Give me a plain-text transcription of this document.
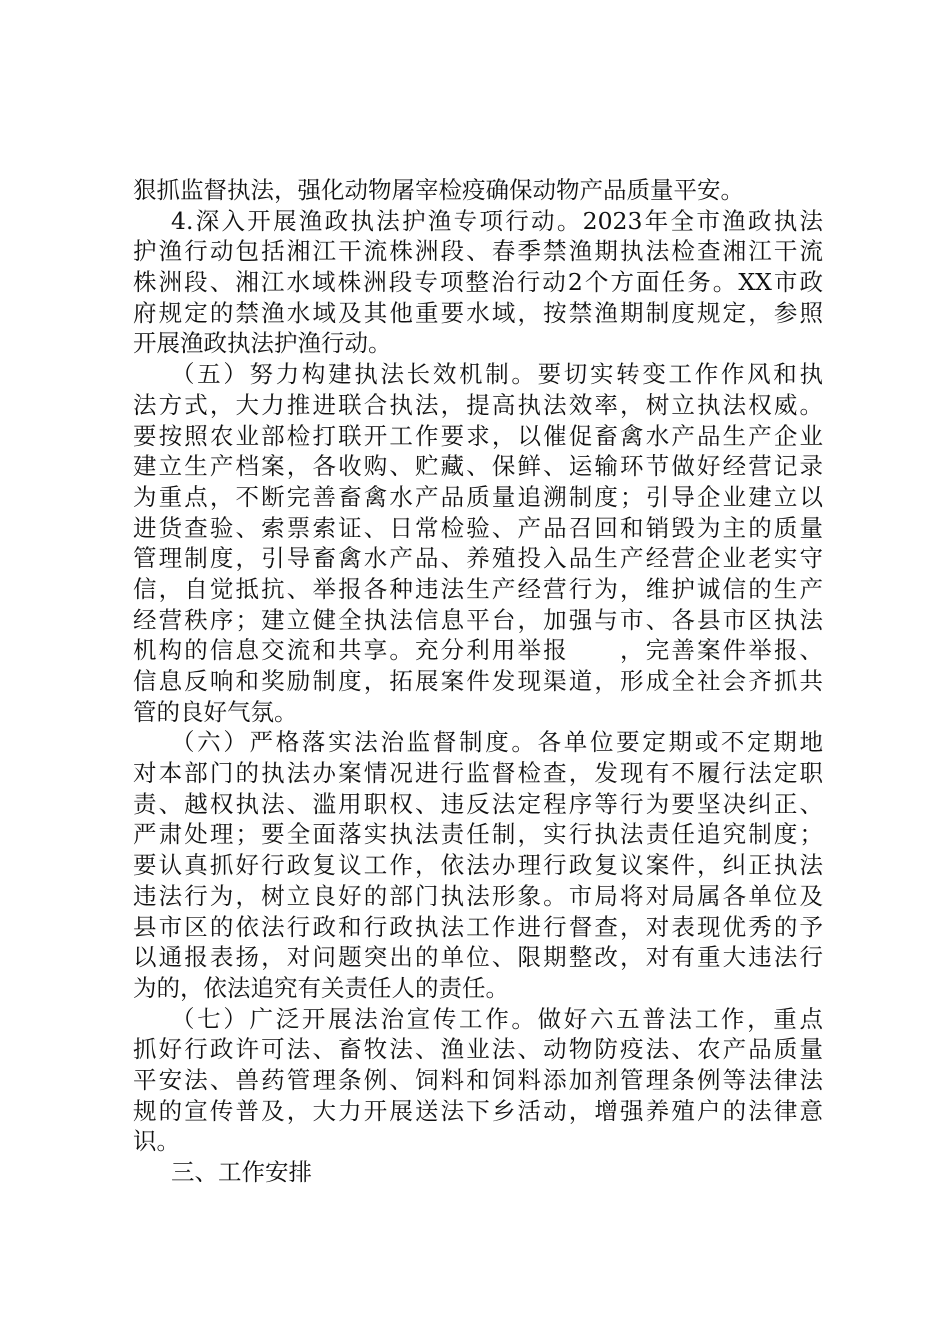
狠抓监督执法，强化动物屠宰检疫确保动物产品质量平安。
4.深入开展渔政执法护渔专项行动。2023年全市渔政执法
护渔行动包括湘江干流株洲段、春季禁渔期执法检查湘江干流
株洲段、湘江水域株洲段专项整治行动2个方面任务。XX市政
府规定的禁渔水域及其他重要水域，按禁渔期制度规定，参照
开展渔政执法护渔行动。
（五）努力构建执法长效机制。要切实转变工作作风和执
法方式，大力推进联合执法，提高执法效率，树立执法权威。
要按照农业部检打联开工作要求，以催促畜禽水产品生产企业
建立生产档案，各收购、贮藏、保鲜、运输环节做好经营记录
为重点，不断完善畜禽水产品质量追溯制度；引导企业建立以
进货查验、索票索证、日常检验、产品召回和销毁为主的质量
管理制度，引导畜禽水产品、养殖投入品生产经营企业老实守
信，自觉抵抗、举报各种违法生产经营行为，维护诚信的生产
经营秩序；建立健全执法信息平台，加强与市、各县市区执法
机构的信息交流和共享。充分利用举报　　，完善案件举报、
信息反响和奖励制度，拓展案件发现渠道，形成全社会齐抓共
管的良好气氛。
（六）严格落实法治监督制度。各单位要定期或不定期地
对本部门的执法办案情况进行监督检查，发现有不履行法定职
责、越权执法、滥用职权、违反法定程序等行为要坚决纠正、
严肃处理；要全面落实执法责任制，实行执法责任追究制度；
要认真抓好行政复议工作，依法办理行政复议案件，纠正执法
违法行为，树立良好的部门执法形象。市局将对局属各单位及
县市区的依法行政和行政执法工作进行督查，对表现优秀的予
以通报表扬，对问题突出的单位、限期整改，对有重大违法行
为的，依法追究有关责任人的责任。
（七）广泛开展法治宣传工作。做好六五普法工作，重点
抓好行政许可法、畜牧法、渔业法、动物防疫法、农产品质量
平安法、兽药管理条例、饲料和饲料添加剂管理条例等法律法
规的宣传普及，大力开展送法下乡活动，增强养殖户的法律意
识。
三、工作安排
